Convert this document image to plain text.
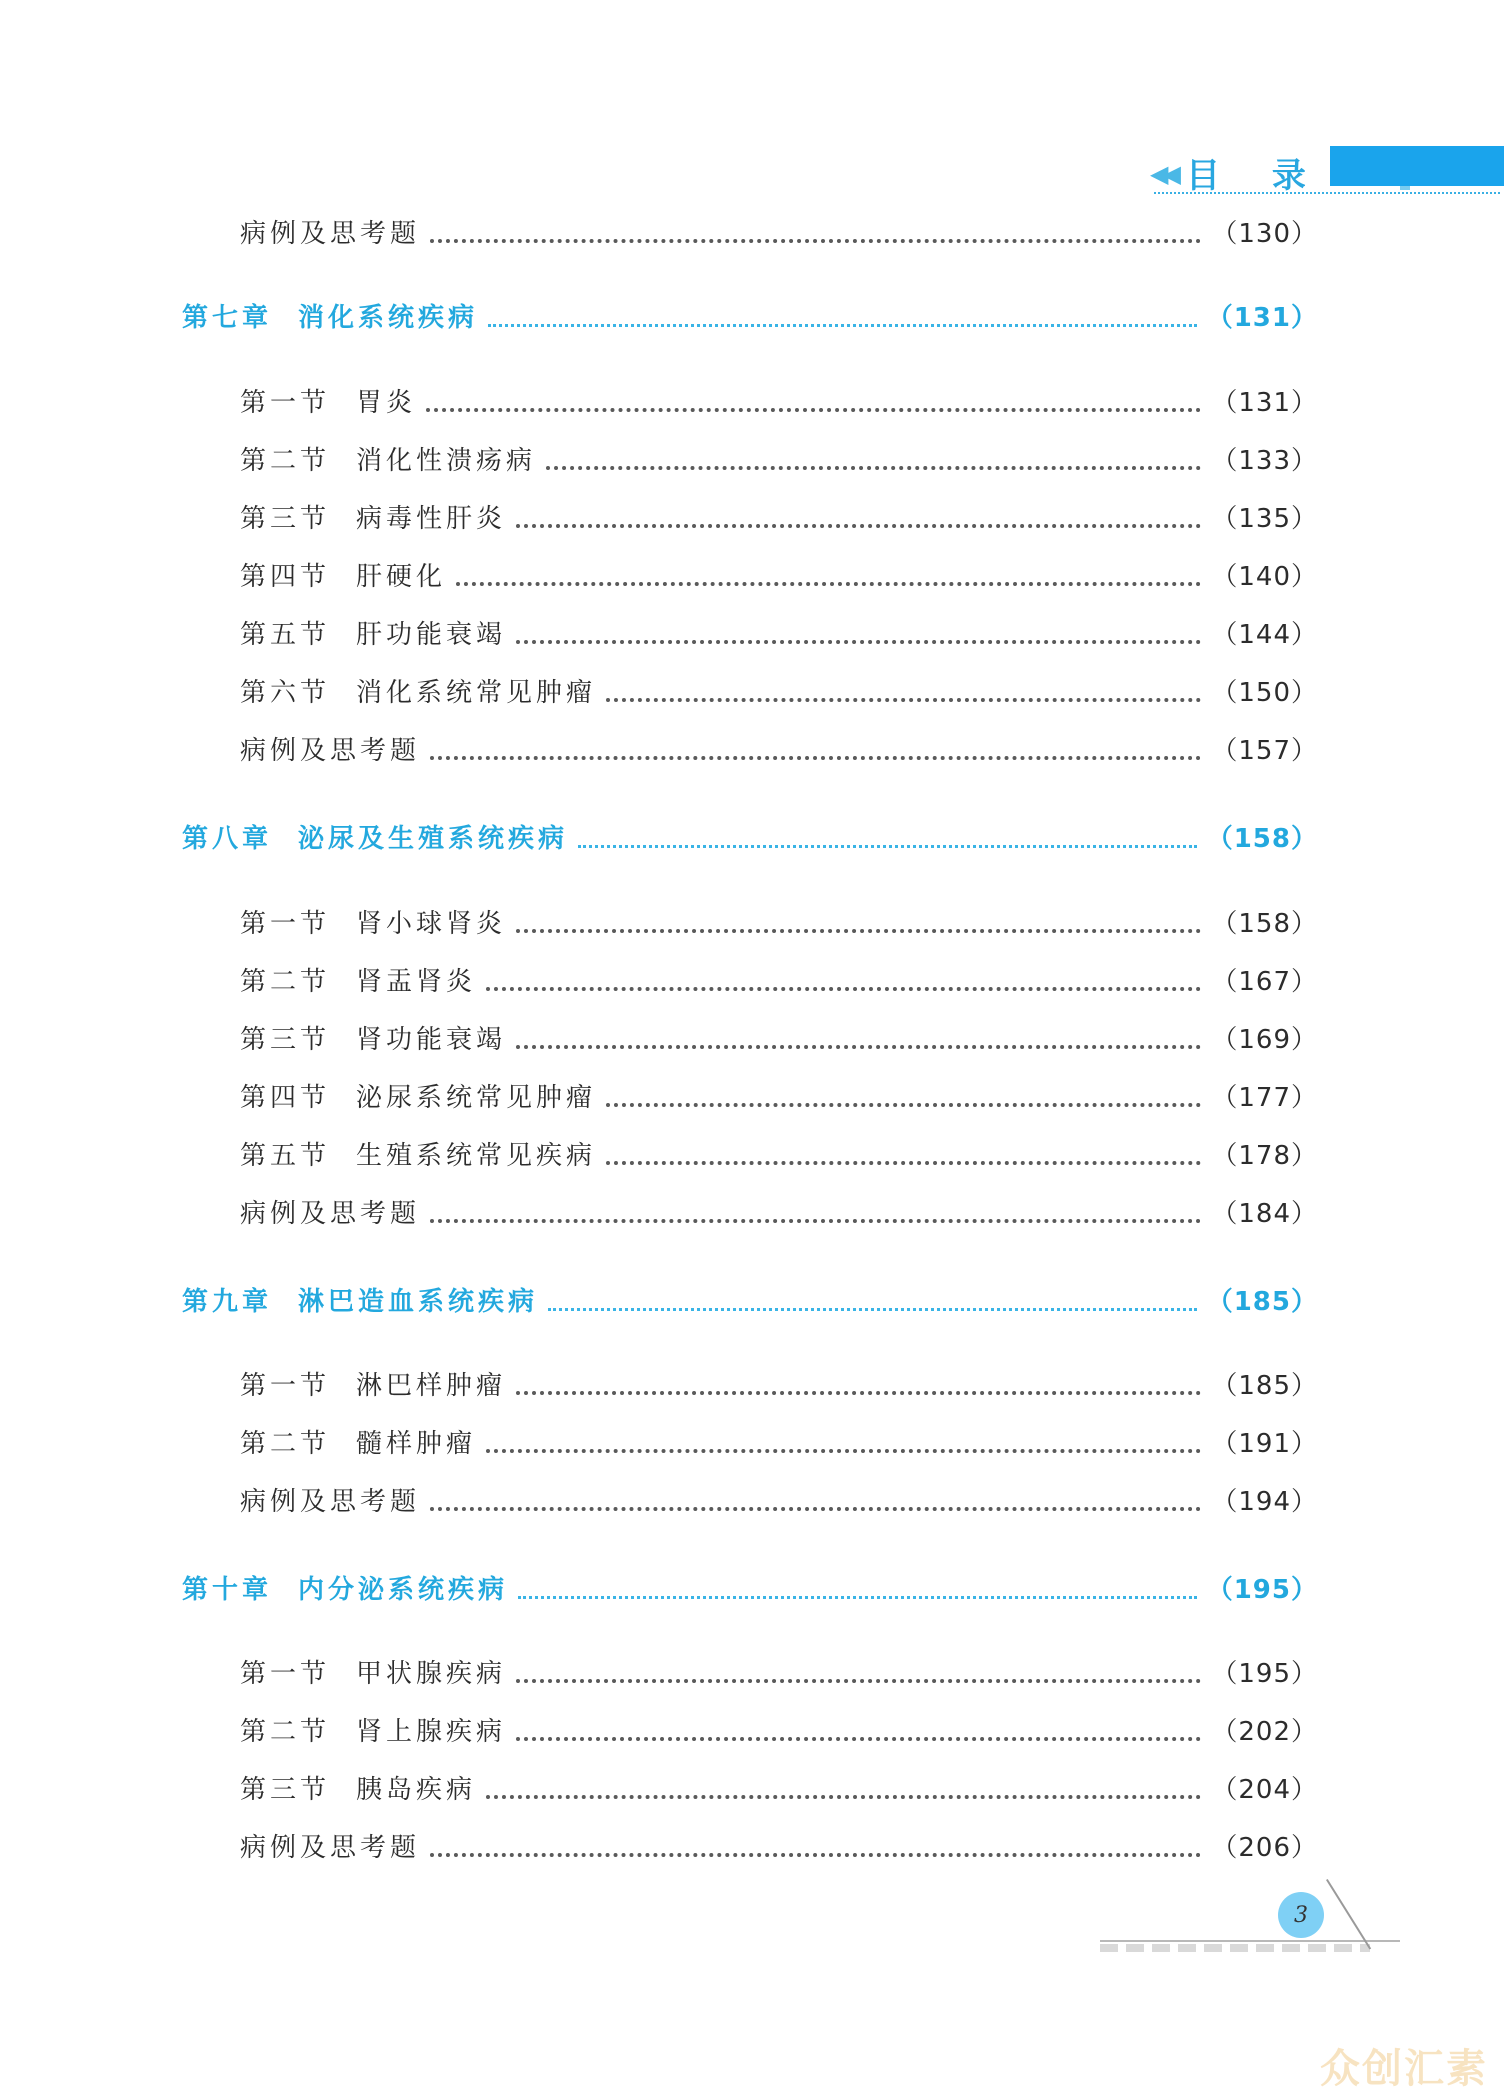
◀◀ 目 录
病例及思考题	（130）
第七章 消化系统疾病	（131）
第一节 胃炎	（131）
第二节 消化性溃疡病	（133）
第三节 病毒性肝炎	（135）
第四节 肝硬化	（140）
第五节 肝功能衰竭	（144）
第六节 消化系统常见肿瘤	（150）
病例及思考题	（157）
第八章 泌尿及生殖系统疾病	（158）
第一节 肾小球肾炎	（158）
第二节 肾盂肾炎	（167）
第三节 肾功能衰竭	（169）
第四节 泌尿系统常见肿瘤	（177）
第五节 生殖系统常见疾病	（178）
病例及思考题	（184）
第九章 淋巴造血系统疾病	（185）
第一节 淋巴样肿瘤	（185）
第二节 髓样肿瘤	（191）
病例及思考题	（194）
第十章 内分泌系统疾病	（195）
第一节 甲状腺疾病	（195）
第二节 肾上腺疾病	（202）
第三节 胰岛疾病	（204）
病例及思考题	（206）
3
众创汇素
